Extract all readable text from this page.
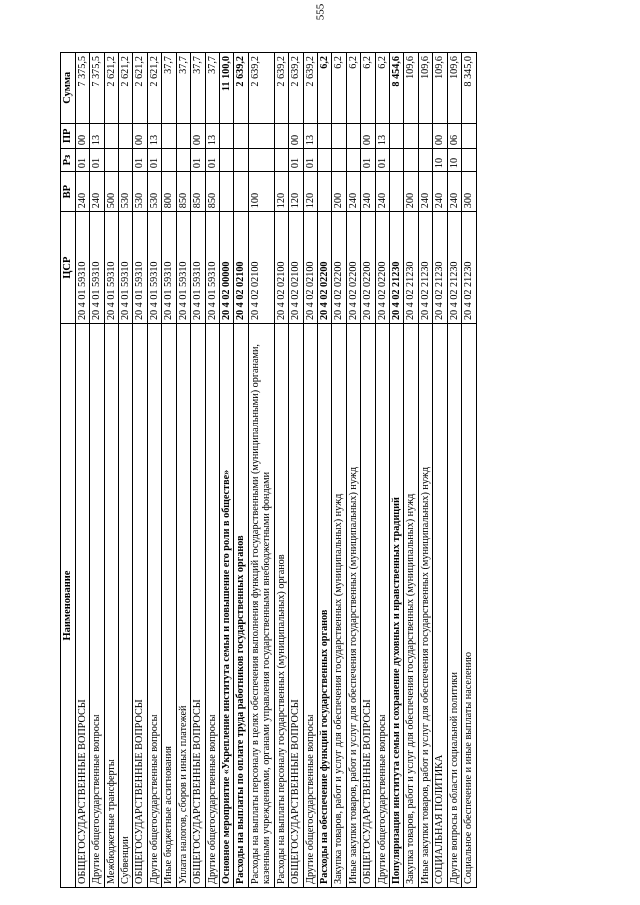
555
Наименование	ЦСР	ВР	Рз	ПР	Сумма
ОБЩЕГОСУДАРСТВЕННЫЕ ВОПРОСЫ	20 4 01 59310	240	01	00	7 375,5
Другие общегосударственные вопросы	20 4 01 59310	240	01	13	7 375,5
Межбюджетные трансферты	20 4 01 59310	500			2 621,2
Субвенции	20 4 01 59310	530			2 621,2
ОБЩЕГОСУДАРСТВЕННЫЕ ВОПРОСЫ	20 4 01 59310	530	01	00	2 621,2
Другие общегосударственные вопросы	20 4 01 59310	530	01	13	2 621,2
Иные бюджетные ассигнования	20 4 01 59310	800			37,7
Уплата налогов, сборов и иных платежей	20 4 01 59310	850			37,7
ОБЩЕГОСУДАРСТВЕННЫЕ ВОПРОСЫ	20 4 01 59310	850	01	00	37,7
Другие общегосударственные вопросы	20 4 01 59310	850	01	13	37,7
Основное мероприятие «Укрепление института семьи и повышение его роли в обществе»	20 4 02 00000				11 100,0
Расходы на выплаты по оплате труда работников государственных органов	20 4 02 02100				2 639,2
Расходы на выплаты персоналу в целях обеспечения выполнения функций государственными (муниципальными) органами, казенными учреждениями, органами управления государственными внебюджетными фондами	20 4 02 02100	100			2 639,2
Расходы на выплаты персоналу государственных (муниципальных) органов	20 4 02 02100	120			2 639,2
ОБЩЕГОСУДАРСТВЕННЫЕ ВОПРОСЫ	20 4 02 02100	120	01	00	2 639,2
Другие общегосударственные вопросы	20 4 02 02100	120	01	13	2 639,2
Расходы на обеспечение функций государственных органов	20 4 02 02200				6,2
Закупка товаров, работ и услуг для обеспечения государственных (муниципальных) нужд	20 4 02 02200	200			6,2
Иные закупки товаров, работ и услуг для обеспечения государственных (муниципальных) нужд	20 4 02 02200	240			6,2
ОБЩЕГОСУДАРСТВЕННЫЕ ВОПРОСЫ	20 4 02 02200	240	01	00	6,2
Другие общегосударственные вопросы	20 4 02 02200	240	01	13	6,2
Популяризация института семьи и сохранение духовных и нравственных традиций	20 4 02 21230				8 454,6
Закупка товаров, работ и услуг для обеспечения государственных (муниципальных) нужд	20 4 02 21230	200			109,6
Иные закупки товаров, работ и услуг для обеспечения государственных (муниципальных) нужд	20 4 02 21230	240			109,6
СОЦИАЛЬНАЯ ПОЛИТИКА	20 4 02 21230	240	10	00	109,6
Другие вопросы в области социальной политики	20 4 02 21230	240	10	06	109,6
Социальное обеспечение и иные выплаты населению	20 4 02 21230	300			8 345,0
